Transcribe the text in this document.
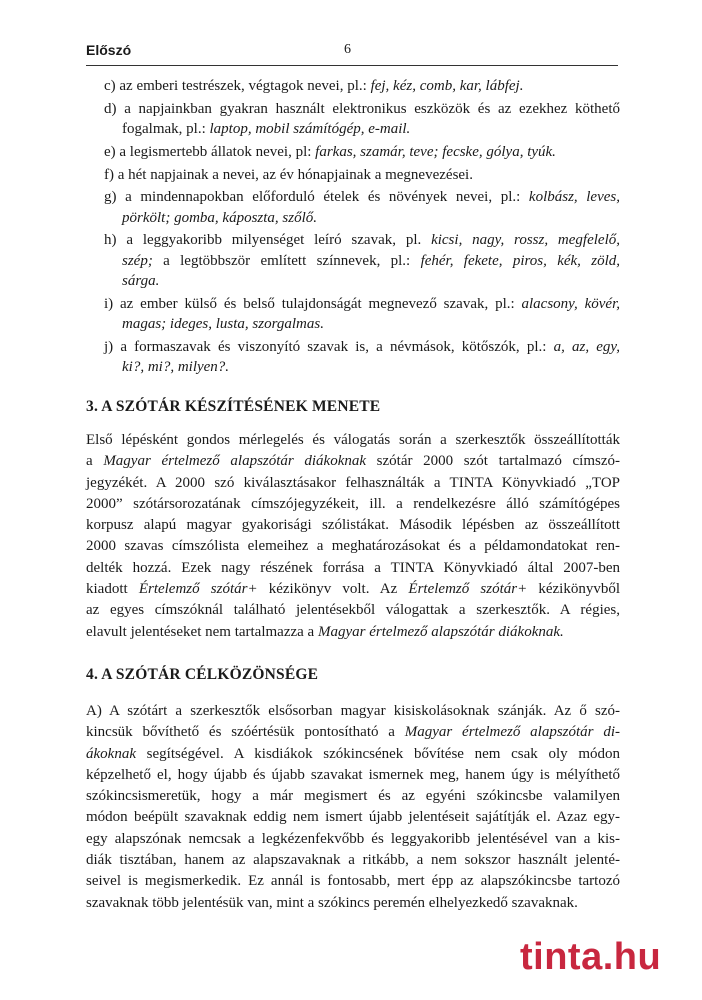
Előszó	6
c) az emberi testrészek, végtagok nevei, pl.: fej, kéz, comb, kar, lábfej.
d) a napjainkban gyakran használt elektronikus eszközök és az ezekhez köthető
fogalmak, pl.: laptop, mobil számítógép, e-mail.
e) a legismertebb állatok nevei, pl: farkas, szamár, teve; fecske, gólya, tyúk.
f) a hét napjainak a nevei, az év hónapjainak a megnevezései.
g) a mindennapokban előforduló ételek és növények nevei, pl.: kolbász, leves,
pörkölt; gomba, káposzta, szőlő.
h) a leggyakoribb milyenséget leíró szavak, pl. kicsi, nagy, rossz, megfelelő,
szép; a legtöbbször említett színnevek, pl.: fehér, fekete, piros, kék, zöld,
sárga.
i) az ember külső és belső tulajdonságát megnevező szavak, pl.: alacsony, kövér,
magas; ideges, lusta, szorgalmas.
j) a formaszavak és viszonyító szavak is, a névmások, kötőszók, pl.: a, az, egy,
ki?, mi?, milyen?.
3. A SZÓTÁR KÉSZÍTÉSÉNEK MENETE
Első lépésként gondos mérlegelés és válogatás során a szerkesztők összeállították
a Magyar értelmező alapszótár diákoknak szótár 2000 szót tartalmazó címszó-
jegyzékét. A 2000 szó kiválasztásakor felhasználták a TINTA Könyvkiadó „TOP
2000” szótársorozatának címszójegyzékeit, ill. a rendelkezésre álló számítógépes
korpusz alapú magyar gyakorisági szólistákat. Második lépésben az összeállított
2000 szavas címszólista elemeihez a meghatározásokat és a példamondatokat ren-
delték hozzá. Ezek nagy részének forrása a TINTA Könyvkiadó által 2007-ben
kiadott Értelemző szótár+ kézikönyv volt. Az Értelemző szótár+ kézikönyvből
az egyes címszóknál található jelentésekből válogattak a szerkesztők. A régies,
elavult jelentéseket nem tartalmazza a Magyar értelmező alapszótár diákoknak.
4. A SZÓTÁR CÉLKÖZÖNSÉGE
A) A szótárt a szerkesztők elsősorban magyar kisiskolásoknak szánják. Az ő szó-
kincsük bővíthető és szóértésük pontosítható a Magyar értelmező alapszótár di-
ákoknak segítségével. A kisdiákok szókincsének bővítése nem csak oly módon
képzelhető el, hogy újabb és újabb szavakat ismernek meg, hanem úgy is mélyíthető
szókincsismeretük, hogy a már megismert és az egyéni szókincsbe valamilyen
módon beépült szavaknak eddig nem ismert újabb jelentéseit sajátítják el. Azaz egy-
egy alapszónak nemcsak a legkézenfekvőbb és leggyakoribb jelentésével van a kis-
diák tisztában, hanem az alapszavaknak a ritkább, a nem sokszor használt jelenté-
seivel is megismerkedik. Ez annál is fontosabb, mert épp az alapszókincsbe tartozó
szavaknak több jelentésük van, mint a szókincs peremén elhelyezkedő szavaknak.
tinta.hu
